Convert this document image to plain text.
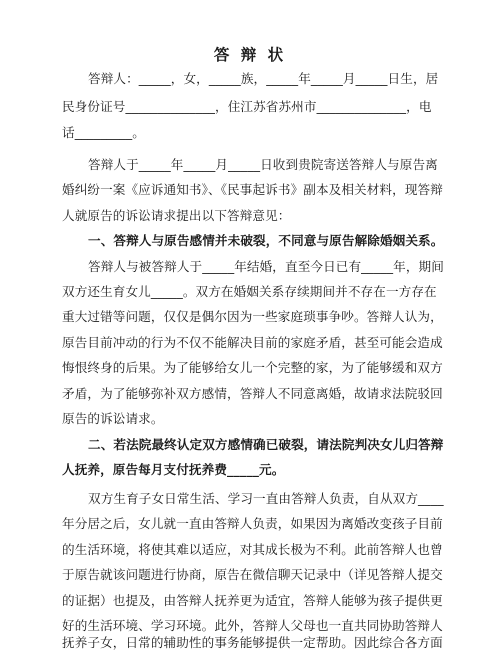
答 辩 状
答辩人：_____，女，_____族，_____年_____月_____日生，居
民身份证号______________，住江苏省苏州市______________，电
话_________。
答辩人于_____年_____月_____日收到贵院寄送答辩人与原告离
婚纠纷一案《应诉通知书》、《民事起诉书》副本及相关材料，现答辩
人就原告的诉讼请求提出以下答辩意见：
一、答辩人与原告感情并未破裂，不同意与原告解除婚姻关系。
答辩人与被答辩人于_____年结婚，直至今日已有_____年，期间
双方还生育女儿_____。双方在婚姻关系存续期间并不存在一方存在
重大过错等问题，仅仅是偶尔因为一些家庭琐事争吵。答辩人认为，
原告目前冲动的行为不仅不能解决目前的家庭矛盾，甚至可能会造成
悔恨终身的后果。为了能够给女儿一个完整的家，为了能够缓和双方
矛盾，为了能够弥补双方感情，答辩人不同意离婚，故请求法院驳回
原告的诉讼请求。
二、若法院最终认定双方感情确已破裂，请法院判决女儿归答辩
人抚养，原告每月支付抚养费_____元。
双方生育子女日常生活、学习一直由答辩人负责，自从双方____
年分居之后，女儿就一直由答辩人负责，如果因为离婚改变孩子目前
的生活环境，将使其难以适应，对其成长极为不利。此前答辩人也曾
于原告就该问题进行协商，原告在微信聊天记录中（详见答辩人提交
的证据）也提及，由答辩人抚养更为适宜，答辩人能够为孩子提供更
好的生活环境、学习环境。此外，答辩人父母也一直共同协助答辩人
抚养子女，日常的辅助性的事务能够提供一定帮助。因此综合各方面
